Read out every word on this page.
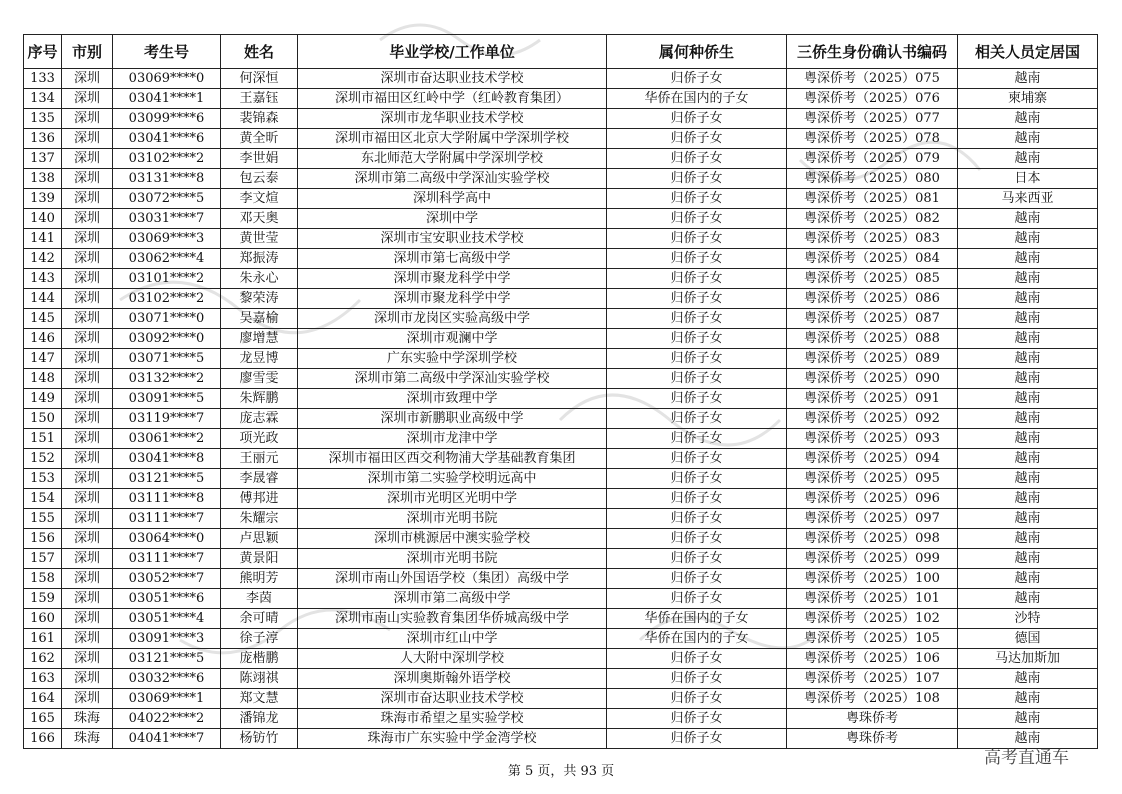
序号	市别	考生号	姓名	毕业学校/工作单位	属何种侨生	三侨生身份确认书编码	相关人员定居国
133	深圳	03069****0	何深恒	深圳市奋达职业技术学校	归侨子女	粤深侨考（2025）075	越南
134	深圳	03041****1	王嘉钰	深圳市福田区红岭中学（红岭教育集团）	华侨在国内的子女	粤深侨考（2025）076	柬埔寨
135	深圳	03099****6	裴锦森	深圳市龙华职业技术学校	归侨子女	粤深侨考（2025）077	越南
136	深圳	03041****6	黄全昕	深圳市福田区北京大学附属中学深圳学校	归侨子女	粤深侨考（2025）078	越南
137	深圳	03102****2	李世娟	东北师范大学附属中学深圳学校	归侨子女	粤深侨考（2025）079	越南
138	深圳	03131****8	包云泰	深圳市第二高级中学深汕实验学校	归侨子女	粤深侨考（2025）080	日本
139	深圳	03072****5	李文煊	深圳科学高中	归侨子女	粤深侨考（2025）081	马来西亚
140	深圳	03031****7	邓天奥	深圳中学	归侨子女	粤深侨考（2025）082	越南
141	深圳	03069****3	黄世莹	深圳市宝安职业技术学校	归侨子女	粤深侨考（2025）083	越南
142	深圳	03062****4	郑振涛	深圳市第七高级中学	归侨子女	粤深侨考（2025）084	越南
143	深圳	03101****2	朱永心	深圳市聚龙科学中学	归侨子女	粤深侨考（2025）085	越南
144	深圳	03102****2	黎荣涛	深圳市聚龙科学中学	归侨子女	粤深侨考（2025）086	越南
145	深圳	03071****0	吴嘉榆	深圳市龙岗区实验高级中学	归侨子女	粤深侨考（2025）087	越南
146	深圳	03092****0	廖增慧	深圳市观澜中学	归侨子女	粤深侨考（2025）088	越南
147	深圳	03071****5	龙昱博	广东实验中学深圳学校	归侨子女	粤深侨考（2025）089	越南
148	深圳	03132****2	廖雪雯	深圳市第二高级中学深汕实验学校	归侨子女	粤深侨考（2025）090	越南
149	深圳	03091****5	朱辉鹏	深圳市致理中学	归侨子女	粤深侨考（2025）091	越南
150	深圳	03119****7	庞志霖	深圳市新鹏职业高级中学	归侨子女	粤深侨考（2025）092	越南
151	深圳	03061****2	项光政	深圳市龙津中学	归侨子女	粤深侨考（2025）093	越南
152	深圳	03041****8	王丽元	深圳市福田区西交利物浦大学基础教育集团	归侨子女	粤深侨考（2025）094	越南
153	深圳	03121****5	李晟睿	深圳市第二实验学校明远高中	归侨子女	粤深侨考（2025）095	越南
154	深圳	03111****8	傅邦进	深圳市光明区光明中学	归侨子女	粤深侨考（2025）096	越南
155	深圳	03111****7	朱耀宗	深圳市光明书院	归侨子女	粤深侨考（2025）097	越南
156	深圳	03064****0	卢思颖	深圳市桃源居中澳实验学校	归侨子女	粤深侨考（2025）098	越南
157	深圳	03111****7	黄景阳	深圳市光明书院	归侨子女	粤深侨考（2025）099	越南
158	深圳	03052****7	熊明芳	深圳市南山外国语学校（集团）高级中学	归侨子女	粤深侨考（2025）100	越南
159	深圳	03051****6	李茵	深圳市第二高级中学	归侨子女	粤深侨考（2025）101	越南
160	深圳	03051****4	余可晴	深圳市南山实验教育集团华侨城高级中学	华侨在国内的子女	粤深侨考（2025）102	沙特
161	深圳	03091****3	徐子淳	深圳市红山中学	华侨在国内的子女	粤深侨考（2025）105	德国
162	深圳	03121****5	庞楷鹏	人大附中深圳学校	归侨子女	粤深侨考（2025）106	马达加斯加
163	深圳	03032****6	陈翊祺	深圳奥斯翰外语学校	归侨子女	粤深侨考（2025）107	越南
164	深圳	03069****1	郑文慧	深圳市奋达职业技术学校	归侨子女	粤深侨考（2025）108	越南
165	珠海	04022****2	潘锦龙	珠海市希望之星实验学校	归侨子女	粤珠侨考	越南
166	珠海	04041****7	杨钫竹	珠海市广东实验中学金湾学校	归侨子女	粤珠侨考	越南
第 5 页，共 93 页
高考直通车
